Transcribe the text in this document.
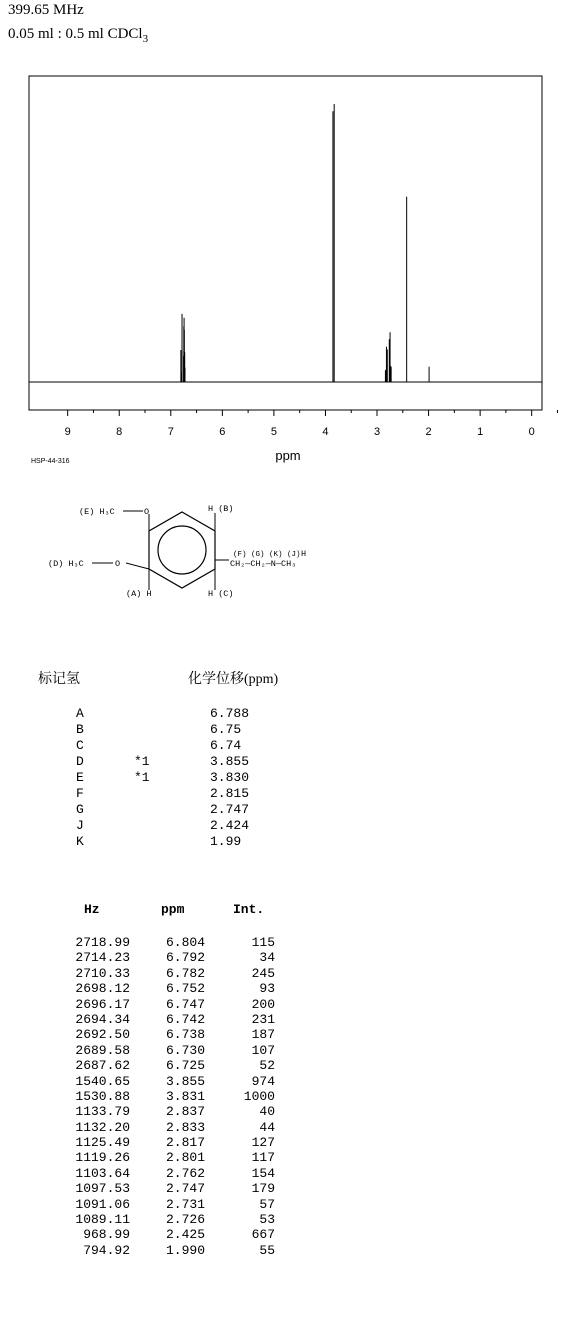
399.65 MHz
0.05 ml : 0.5 ml CDCl$_3$
9	8	7	6	5	4	3	2	1	0
ppm
HSP-44-316
(E) H₃C	O
(D) H₃C	O
H (B)
H (C)
(A) H
(F) (G) (K) (J) H
CH₂—CH₂—N—CH₃
标记氢	化学位移(ppm)
A	6.788
B	6.75
C	6.74
D	*1	3.855
E	*1	3.830
F	2.815
G	2.747
J	2.424
K	1.99
Hz	ppm	Int.
2718.99	6.804	115
2714.23	6.792	34
2710.33	6.782	245
2698.12	6.752	93
2696.17	6.747	200
2694.34	6.742	231
2692.50	6.738	187
2689.58	6.730	107
2687.62	6.725	52
1540.65	3.855	974
1530.88	3.831	1000
1133.79	2.837	40
1132.20	2.833	44
1125.49	2.817	127
1119.26	2.801	117
1103.64	2.762	154
1097.53	2.747	179
1091.06	2.731	57
1089.11	2.726	53
968.99	2.425	667
794.92	1.990	55
